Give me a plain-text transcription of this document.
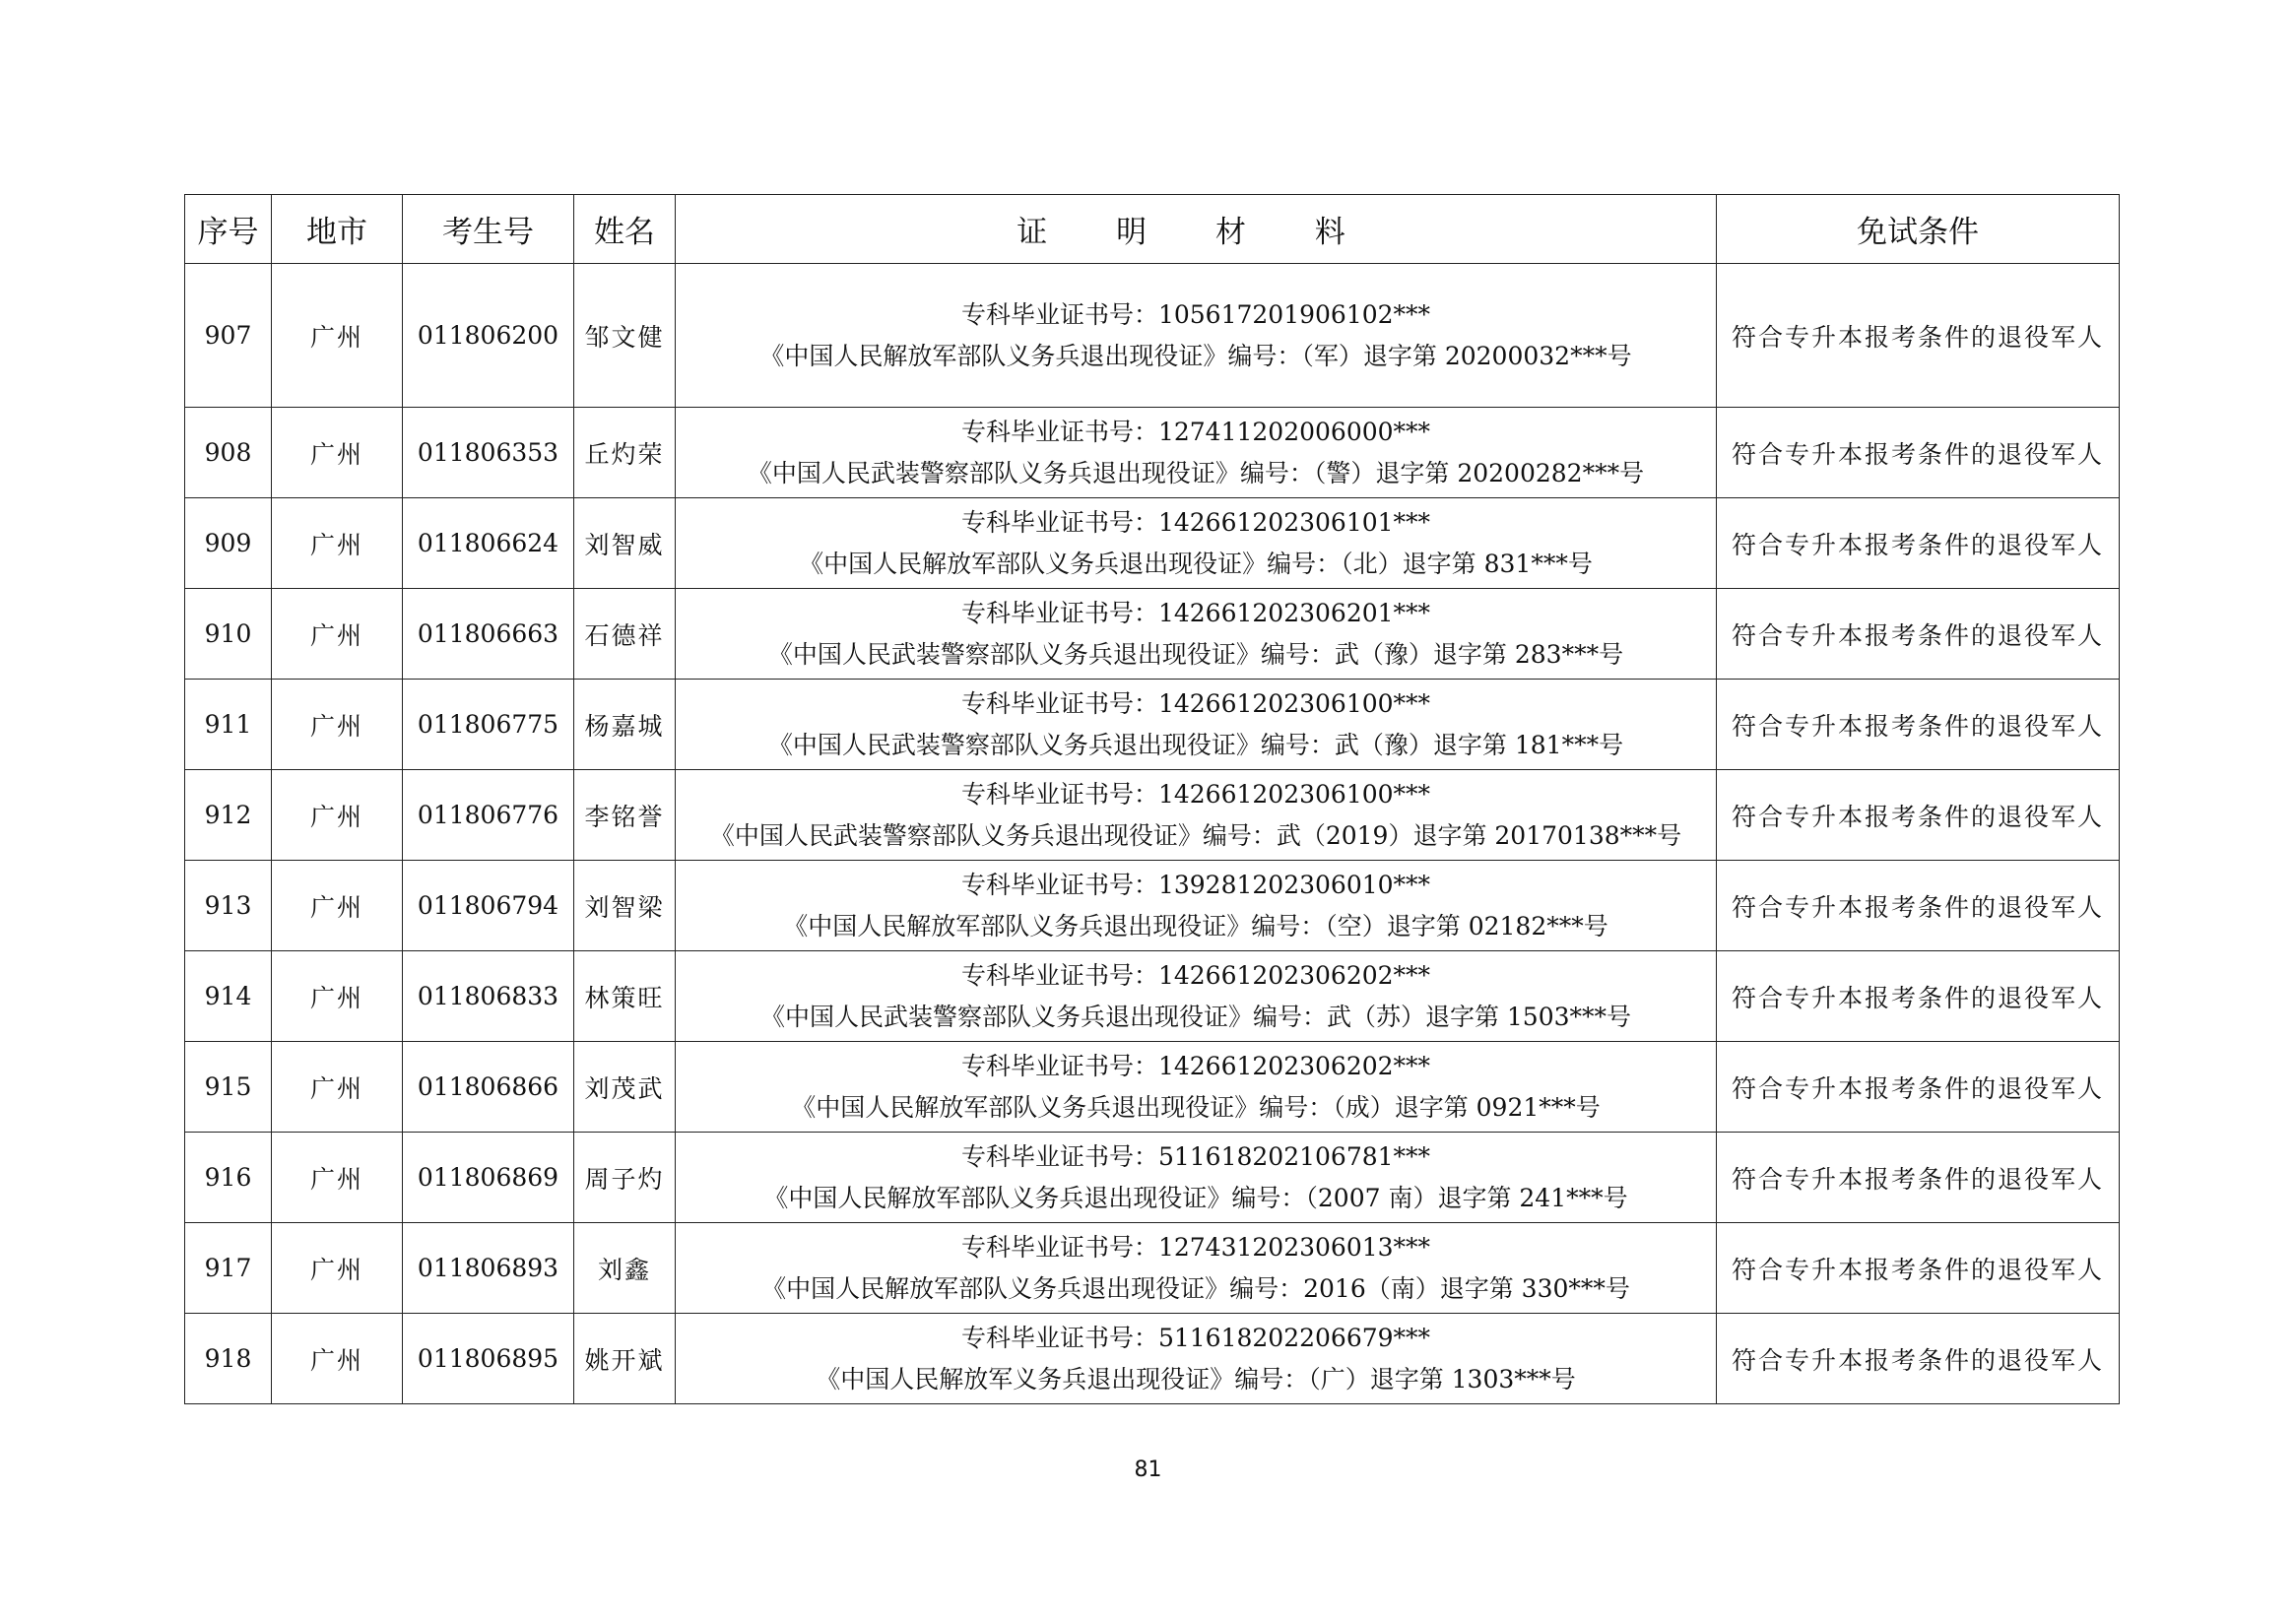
序号	地市	考生号	姓名	证 明 材 料	免试条件
907	广州	011806200	邹文健	专科毕业证书号：105617201906102***
《中国人民解放军部队义务兵退出现役证》编号：（军）退字第 20200032***号	符合专升本报考条件的退役军人
908	广州	011806353	丘灼荣	专科毕业证书号：127411202006000***
《中国人民武装警察部队义务兵退出现役证》编号：（警）退字第 20200282***号	符合专升本报考条件的退役军人
909	广州	011806624	刘智威	专科毕业证书号：142661202306101***
《中国人民解放军部队义务兵退出现役证》编号：（北）退字第 831***号	符合专升本报考条件的退役军人
910	广州	011806663	石德祥	专科毕业证书号：142661202306201***
《中国人民武装警察部队义务兵退出现役证》编号：武（豫）退字第 283***号	符合专升本报考条件的退役军人
911	广州	011806775	杨嘉城	专科毕业证书号：142661202306100***
《中国人民武装警察部队义务兵退出现役证》编号：武（豫）退字第 181***号	符合专升本报考条件的退役军人
912	广州	011806776	李铭誉	专科毕业证书号：142661202306100***
《中国人民武装警察部队义务兵退出现役证》编号：武（2019）退字第 20170138***号	符合专升本报考条件的退役军人
913	广州	011806794	刘智梁	专科毕业证书号：139281202306010***
《中国人民解放军部队义务兵退出现役证》编号：（空）退字第 02182***号	符合专升本报考条件的退役军人
914	广州	011806833	林策旺	专科毕业证书号：142661202306202***
《中国人民武装警察部队义务兵退出现役证》编号：武（苏）退字第 1503***号	符合专升本报考条件的退役军人
915	广州	011806866	刘茂武	专科毕业证书号：142661202306202***
《中国人民解放军部队义务兵退出现役证》编号：（成）退字第 0921***号	符合专升本报考条件的退役军人
916	广州	011806869	周子灼	专科毕业证书号：511618202106781***
《中国人民解放军部队义务兵退出现役证》编号：（2007 南）退字第 241***号	符合专升本报考条件的退役军人
917	广州	011806893	刘鑫	专科毕业证书号：127431202306013***
《中国人民解放军部队义务兵退出现役证》编号：2016（南）退字第 330***号	符合专升本报考条件的退役军人
918	广州	011806895	姚开斌	专科毕业证书号：511618202206679***
《中国人民解放军义务兵退出现役证》编号：（广）退字第 1303***号	符合专升本报考条件的退役军人
81
